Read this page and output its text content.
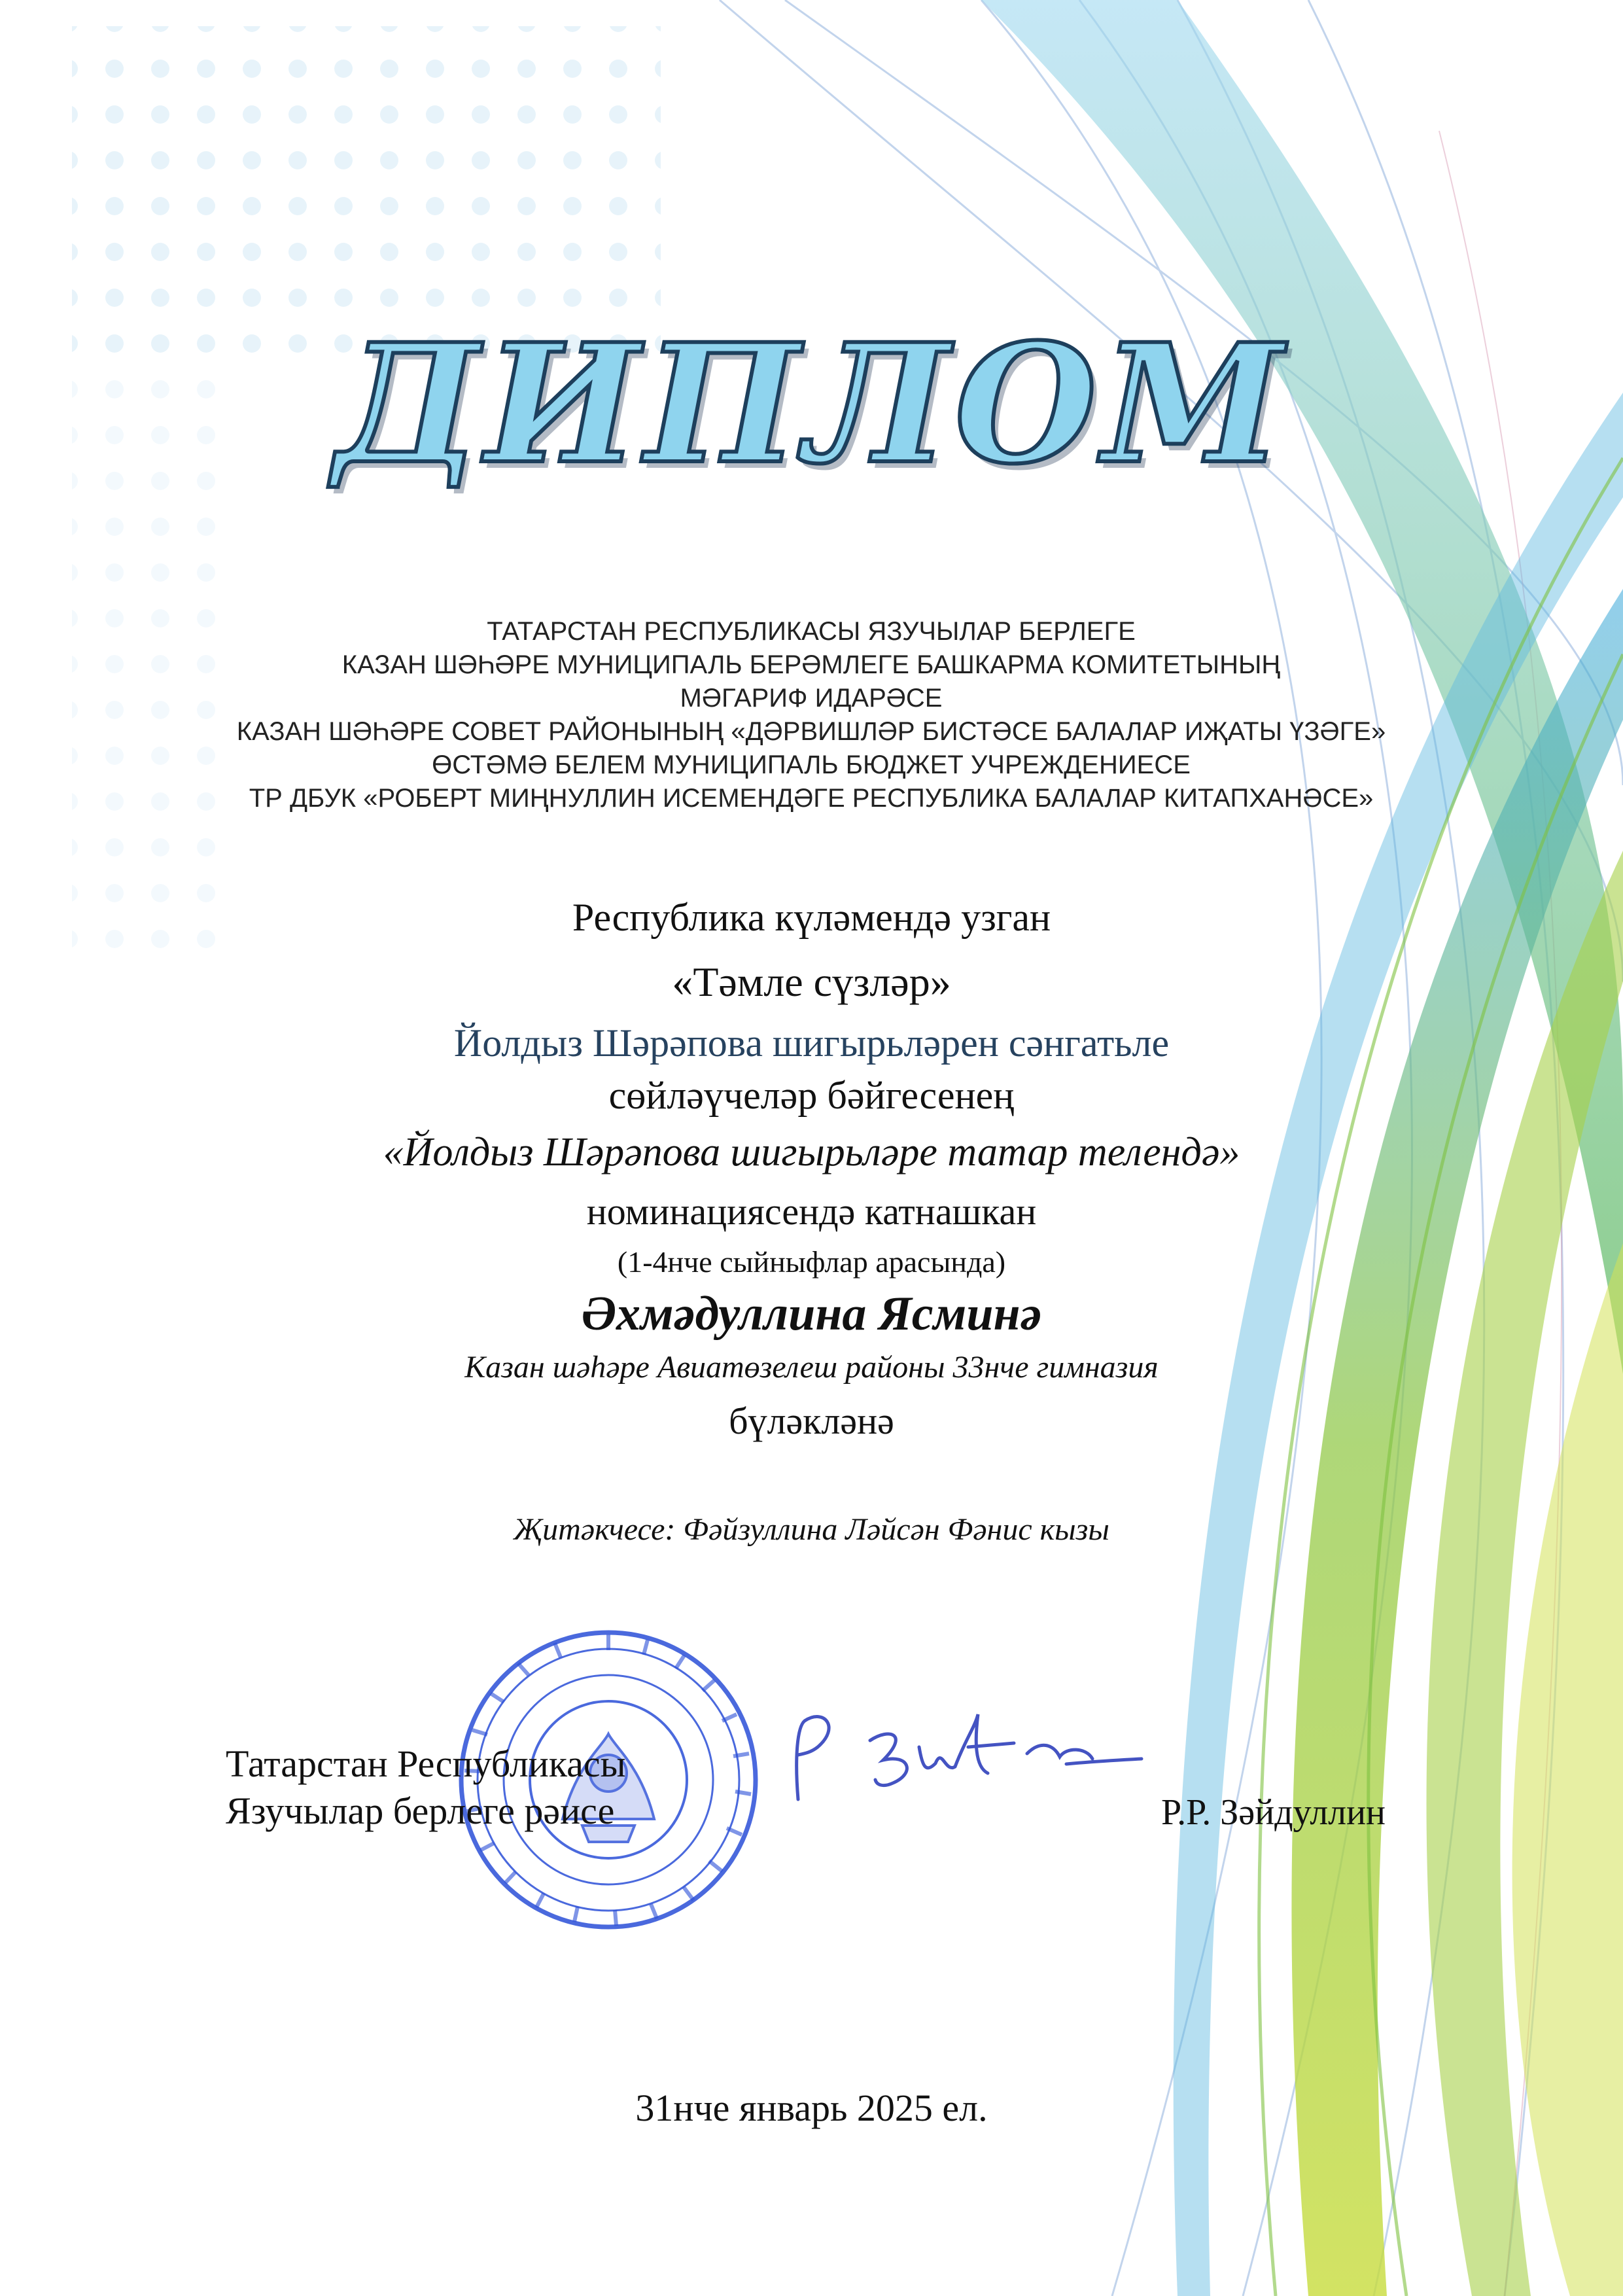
ДИПЛОМ
ТАТАРСТАН РЕСПУБЛИКАСЫ ЯЗУЧЫЛАР БЕРЛЕГЕ
КАЗАН ШӘҺӘРЕ МУНИЦИПАЛЬ БЕРӘМЛЕГЕ БАШКАРМА КОМИТЕТЫНЫҢ
МӘГАРИФ ИДАРӘСЕ
КАЗАН ШӘҺӘРЕ СОВЕТ РАЙОНЫНЫҢ «ДӘРВИШЛӘР БИСТӘСЕ БАЛАЛАР ИҖАТЫ ҮЗӘГЕ»
ӨСТӘМӘ БЕЛЕМ МУНИЦИПАЛЬ БЮДЖЕТ УЧРЕЖДЕНИЕСЕ
ТР ДБУК «РОБЕРТ МИҢНУЛЛИН ИСЕМЕНДӘГЕ РЕСПУБЛИКА БАЛАЛАР КИТАПХАНӘСЕ»
Республика күләмендә узган
«Тәмле сүзләр»
Йолдыз Шәрәпова шигырьләрен сәнгатьле
сөйләүчеләр бәйгесенең
«Йолдыз Шәрәпова шигырьләре татар телендә»
номинациясендә катнашкан
(1-4нче сыйныфлар арасында)
Әхмәдуллина Ясминә
Казан шәһәре Авиатөзелеш районы 33нче гимназия
бүләкләнә
Җитәкчесе: Фәйзуллина Ләйсән Фәнис кызы
Татарстан Республикасы
Язучылар берлеге рәисе	Р.Р. Зәйдуллин
31нче январь 2025 ел.
